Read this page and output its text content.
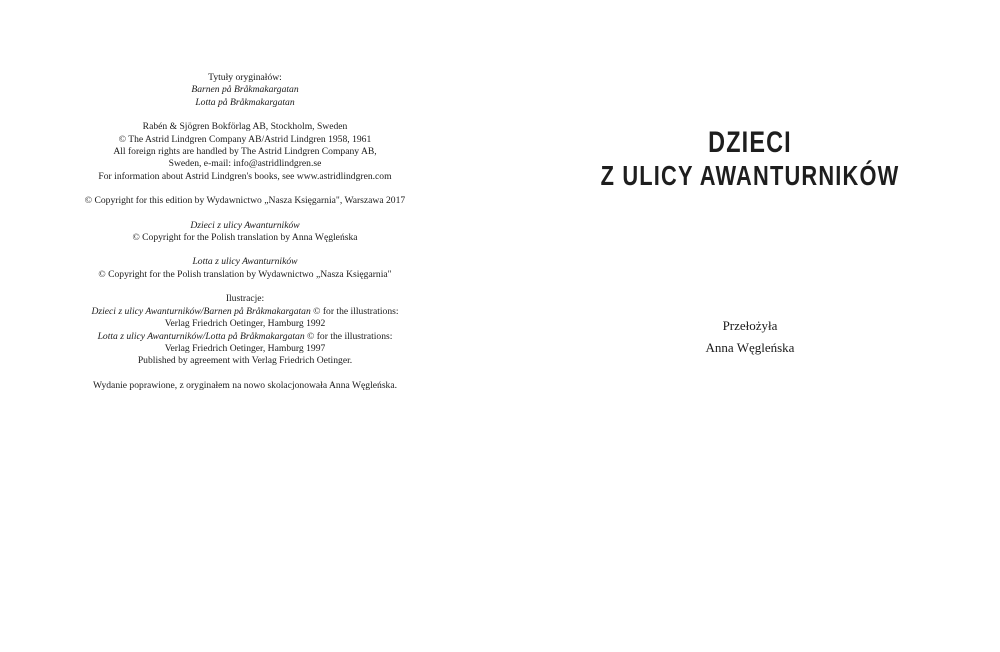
Tytuły oryginałów:
Barnen på Bråkmakargatan
Lotta på Bråkmakargatan
Rabén & Sjögren Bokförlag AB, Stockholm, Sweden
© The Astrid Lindgren Company AB/Astrid Lindgren 1958, 1961
All foreign rights are handled by The Astrid Lindgren Company AB,
Sweden, e-mail: info@astridlindgren.se
For information about Astrid Lindgren's books, see www.astridlindgren.com
© Copyright for this edition by Wydawnictwo „Nasza Księgarnia", Warszawa 2017
Dzieci z ulicy Awanturników
© Copyright for the Polish translation by Anna Węgleńska
Lotta z ulicy Awanturników
© Copyright for the Polish translation by Wydawnictwo „Nasza Księgarnia"
Ilustracje:
Dzieci z ulicy Awanturników/Barnen på Bråkmakargatan © for the illustrations:
Verlag Friedrich Oetinger, Hamburg 1992
Lotta z ulicy Awanturników/Lotta på Bråkmakargatan © for the illustrations:
Verlag Friedrich Oetinger, Hamburg 1997
Published by agreement with Verlag Friedrich Oetinger.
Wydanie poprawione, z oryginałem na nowo skolacjonowała Anna Węgleńska.
DZIECI
Z ULICY AWANTURNIKÓW
Przełożyła
Anna Węgleńska
